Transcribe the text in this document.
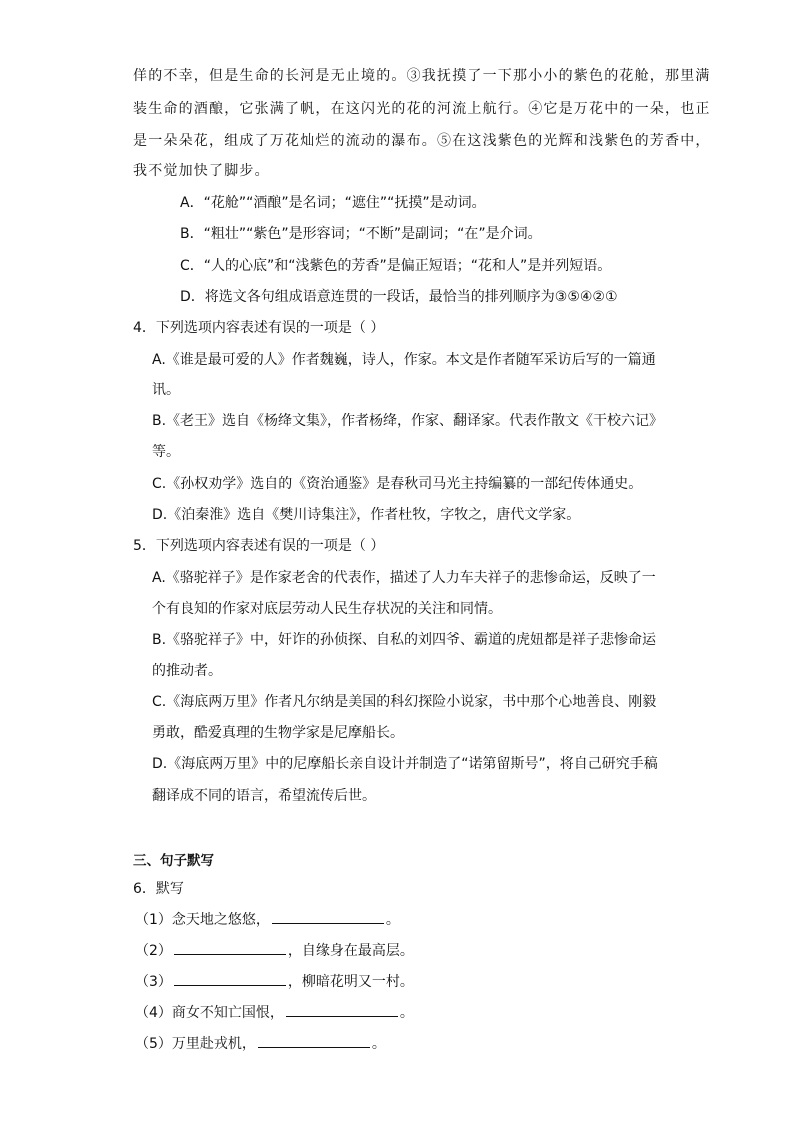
佯的不幸，但是生命的长河是无止境的。③我抚摸了一下那小小的紫色的花舱，那里满
装生命的酒酿，它张满了帆，在这闪光的花的河流上航行。④它是万花中的一朵，也正
是一朵朵花，组成了万花灿烂的流动的瀑布。⑤在这浅紫色的光辉和浅紫色的芳香中，
我不觉加快了脚步。
A．“花舱”“酒酿”是名词；“遮住”“抚摸”是动词。
B．“粗壮”“紫色”是形容词；“不断”是副词；“在”是介词。
C．“人的心底”和“浅紫色的芳香”是偏正短语；“花和人”是并列短语。
D．将选文各句组成语意连贯的一段话，最恰当的排列顺序为③⑤④②①
4．下列选项内容表述有误的一项是（ ）
A.《谁是最可爱的人》作者魏巍，诗人，作家。本文是作者随军采访后写的一篇通
讯。
B.《老王》选自《杨绛文集》，作者杨绛，作家、翻译家。代表作散文《干校六记》
等。
C.《孙权劝学》选自的《资治通鉴》是春秋司马光主持编纂的一部纪传体通史。
D.《泊秦淮》选自《樊川诗集注》，作者杜牧，字牧之，唐代文学家。
5．下列选项内容表述有误的一项是（ ）
A.《骆驼祥子》是作家老舍的代表作，描述了人力车夫祥子的悲惨命运，反映了一
个有良知的作家对底层劳动人民生存状况的关注和同情。
B.《骆驼祥子》中，奸诈的孙侦探、自私的刘四爷、霸道的虎妞都是祥子悲惨命运
的推动者。
C.《海底两万里》作者凡尔纳是美国的科幻探险小说家，书中那个心地善良、刚毅
勇敢，酷爱真理的生物学家是尼摩船长。
D.《海底两万里》中的尼摩船长亲自设计并制造了“诺第留斯号”，将自己研究手稿
翻译成不同的语言，希望流传后世。
三、句子默写
6．默写
（1）念天地之悠悠，	。
（2）	，自缘身在最高层。
（3）	，柳暗花明又一村。
（4）商女不知亡国恨，	。
（5）万里赴戎机，	。
